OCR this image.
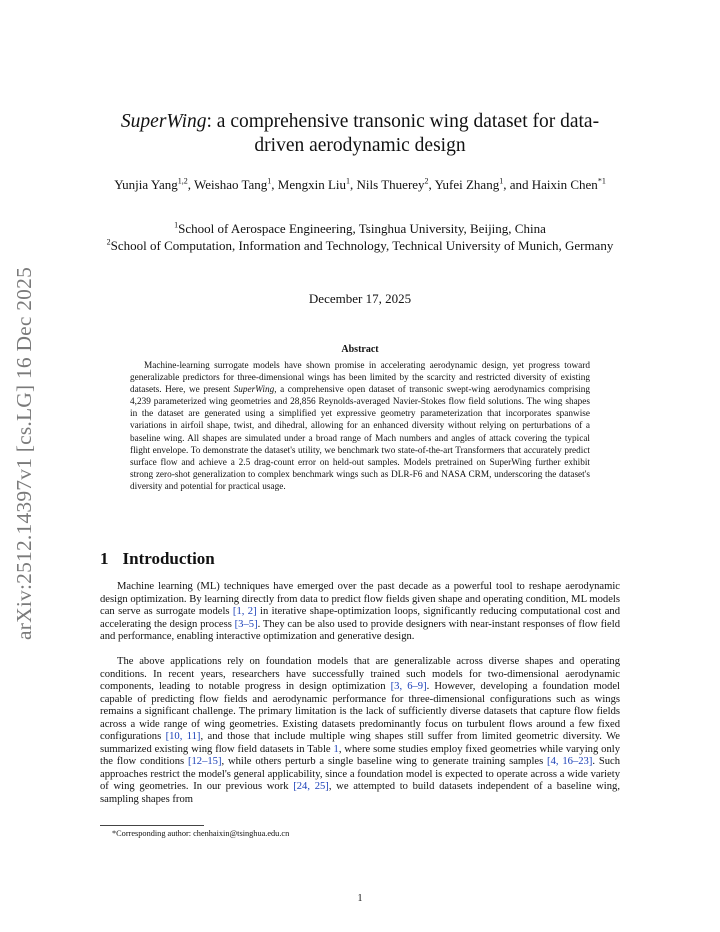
arXiv:2512.14397v1 [cs.LG] 16 Dec 2025
SuperWing: a comprehensive transonic wing dataset for data-driven aerodynamic design
Yunjia Yang$^{1,2}$, Weishao Tang$^1$, Mengxin Liu$^1$, Nils Thuerey$^2$, Yufei Zhang$^1$, and Haixin Chen$^{*1}$
$^1$School of Aerospace Engineering, Tsinghua University, Beijing, China
$^2$School of Computation, Information and Technology, Technical University of Munich, Germany
December 17, 2025
Abstract
Machine-learning surrogate models have shown promise in accelerating aerodynamic design, yet progress toward generalizable predictors for three-dimensional wings has been limited by the scarcity and restricted diversity of existing datasets. Here, we present SuperWing, a comprehensive open dataset of transonic swept-wing aerodynamics comprising 4,239 parameterized wing geometries and 28,856 Reynolds-averaged Navier-Stokes flow field solutions. The wing shapes in the dataset are generated using a simplified yet expressive geometry parameterization that incorporates spanwise variations in airfoil shape, twist, and dihedral, allowing for an enhanced diversity without relying on perturbations of a baseline wing. All shapes are simulated under a broad range of Mach numbers and angles of attack covering the typical flight envelope. To demonstrate the dataset's utility, we benchmark two state-of-the-art Transformers that accurately predict surface flow and achieve a 2.5 drag-count error on held-out samples. Models pretrained on SuperWing further exhibit strong zero-shot generalization to complex benchmark wings such as DLR-F6 and NASA CRM, underscoring the dataset's diversity and potential for practical usage.
1 Introduction
Machine learning (ML) techniques have emerged over the past decade as a powerful tool to reshape aerodynamic design optimization. By learning directly from data to predict flow fields given shape and operating condition, ML models can serve as surrogate models [1, 2] in iterative shape-optimization loops, significantly reducing computational cost and accelerating the design process [3–5]. They can be also used to provide designers with near-instant responses of flow field and performance, enabling interactive optimization and generative design.
The above applications rely on foundation models that are generalizable across diverse shapes and operating conditions. In recent years, researchers have successfully trained such models for two-dimensional aerodynamic components, leading to notable progress in design optimization [3, 6–9]. However, developing a foundation model capable of predicting flow fields and aerodynamic performance for three-dimensional configurations such as wings remains a significant challenge. The primary limitation is the lack of sufficiently diverse datasets that capture flow fields across a wide range of wing geometries. Existing datasets predominantly focus on turbulent flows around a few fixed configurations [10, 11], and those that include multiple wing shapes still suffer from limited geometric diversity. We summarized existing wing flow field datasets in Table 1, where some studies employ fixed geometries while varying only the flow conditions [12–15], while others perturb a single baseline wing to generate training samples [4, 16–23]. Such approaches restrict the model's general applicability, since a foundation model is expected to operate across a wide variety of wing geometries. In our previous work [24, 25], we attempted to build datasets independent of a baseline wing, sampling shapes from
*Corresponding author: chenhaixin@tsinghua.edu.cn
1
